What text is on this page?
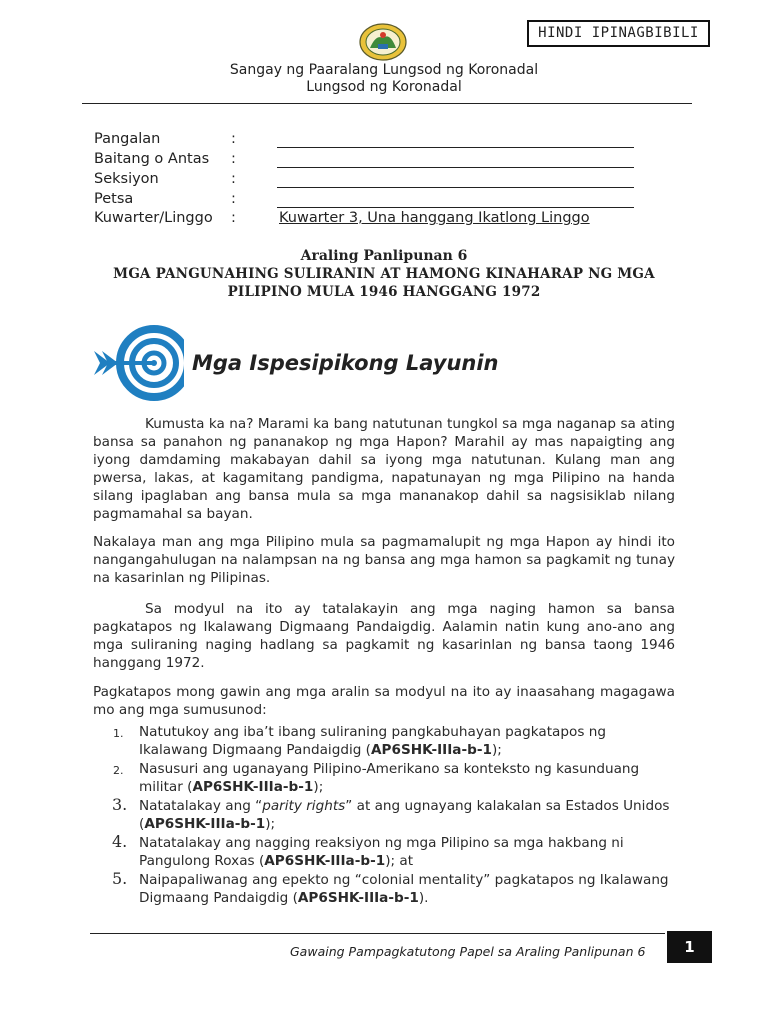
HINDI IPINAGBIBILI
Sangay ng Paaralang Lungsod ng Koronadal
Lungsod ng Koronadal
Pangalan	:
Baitang o Antas :
Seksiyon	:
Petsa	:
Kuwarter/Linggo :	Kuwarter 3, Una hanggang Ikatlong Linggo
Araling Panlipunan 6
MGA PANGUNAHING SULIRANIN AT HAMONG KINAHARAP NG MGA
PILIPINO MULA 1946 HANGGANG 1972
Mga Ispesipikong Layunin
Kumusta ka na? Marami ka bang natutunan tungkol sa mga naganap sa ating bansa sa panahon ng pananakop ng mga Hapon? Marahil ay mas napaigting ang iyong damdaming makabayan dahil sa iyong mga natutunan. Kulang man ang pwersa, lakas, at kagamitang pandigma, napatunayan ng mga Pilipino na handa silang ipaglaban ang bansa mula sa mga mananakop dahil sa nagsisiklab nilang pagmamahal sa bayan.
Nakalaya man ang mga Pilipino mula sa pagmamalupit ng mga Hapon ay hindi ito nangangahulugan na nalampsan na ng bansa ang mga hamon sa pagkamit ng tunay na kasarinlan ng Pilipinas.
Sa modyul na ito ay tatalakayin ang mga naging hamon sa bansa pagkatapos ng Ikalawang Digmaang Pandaigdig. Aalamin natin kung ano-ano ang mga suliraning naging hadlang sa pagkamit ng kasarinlan ng bansa taong 1946 hanggang 1972.
Pagkatapos mong gawin ang mga aralin sa modyul na ito ay inaasahang magagawa mo ang mga sumusunod:
1. Natutukoy ang iba’t ibang suliraning pangkabuhayan pagkatapos ng Ikalawang Digmaang Pandaigdig (AP6SHK-IIIa-b-1);
2. Nasusuri ang uganayang Pilipino-Amerikano sa konteksto ng kasunduang militar (AP6SHK-IIIa-b-1);
3. Natatalakay ang “parity rights” at ang ugnayang kalakalan sa Estados Unidos (AP6SHK-IIIa-b-1);
4. Natatalakay ang nagging reaksiyon ng mga Pilipino sa mga hakbang ni Pangulong Roxas (AP6SHK-IIIa-b-1); at
5. Naipapaliwanag ang epekto ng “colonial mentality” pagkatapos ng Ikalawang Digmaang Pandaigdig (AP6SHK-IIIa-b-1).
Gawaing Pampagkatutong Papel sa Araling Panlipunan 6	1
